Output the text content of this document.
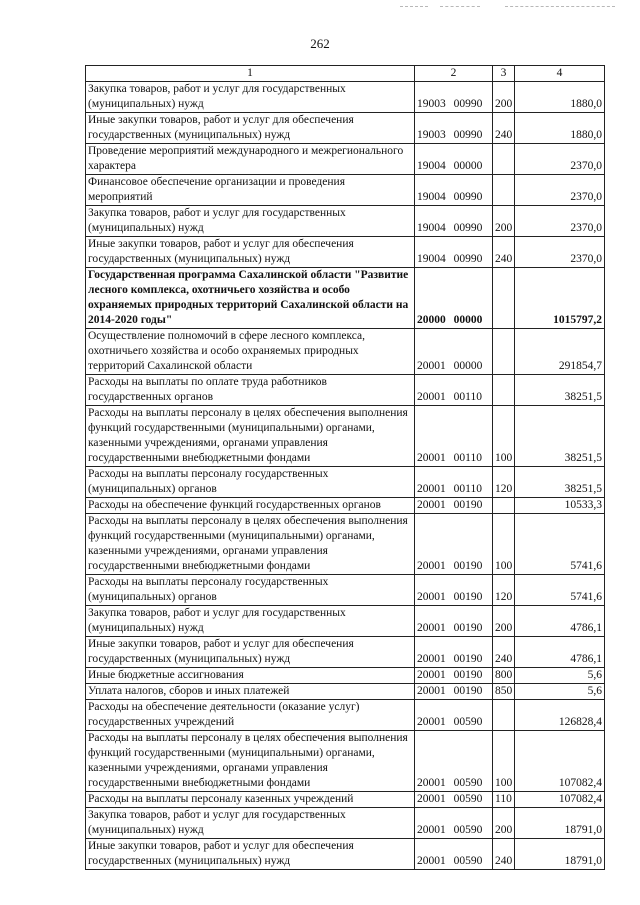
262
1	2	3	4
Закупка товаров, работ и услуг для государственных (муниципальных) нужд	19003 00990	200	1880,0
Иные закупки товаров, работ и услуг для обеспечения государственных (муниципальных) нужд	19003 00990	240	1880,0
Проведение мероприятий международного и межрегионального характера	19004 00000		2370,0
Финансовое обеспечение организации и проведения мероприятий	19004 00990		2370,0
Закупка товаров, работ и услуг для государственных (муниципальных) нужд	19004 00990	200	2370,0
Иные закупки товаров, работ и услуг для обеспечения государственных (муниципальных) нужд	19004 00990	240	2370,0
Государственная программа Сахалинской области "Развитие лесного комплекса, охотничьего хозяйства и особо охраняемых природных территорий Сахалинской области на 2014-2020 годы"	20000 00000		1015797,2
Осуществление полномочий в сфере лесного комплекса, охотничьего хозяйства и особо охраняемых природных территорий Сахалинской области	20001 00000		291854,7
Расходы на выплаты по оплате труда работников государственных органов	20001 00110		38251,5
Расходы на выплаты персоналу в целях обеспечения выполнения функций государственными (муниципальными) органами, казенными учреждениями, органами управления государственными внебюджетными фондами	20001 00110	100	38251,5
Расходы на выплаты персоналу государственных (муниципальных) органов	20001 00110	120	38251,5
Расходы на обеспечение функций государственных органов	20001 00190		10533,3
Расходы на выплаты персоналу в целях обеспечения выполнения функций государственными (муниципальными) органами, казенными учреждениями, органами управления государственными внебюджетными фондами	20001 00190	100	5741,6
Расходы на выплаты персоналу государственных (муниципальных) органов	20001 00190	120	5741,6
Закупка товаров, работ и услуг для государственных (муниципальных) нужд	20001 00190	200	4786,1
Иные закупки товаров, работ и услуг для обеспечения государственных (муниципальных) нужд	20001 00190	240	4786,1
Иные бюджетные ассигнования	20001 00190	800	5,6
Уплата налогов, сборов и иных платежей	20001 00190	850	5,6
Расходы на обеспечение деятельности (оказание услуг) государственных учреждений	20001 00590		126828,4
Расходы на выплаты персоналу в целях обеспечения выполнения функций государственными (муниципальными) органами, казенными учреждениями, органами управления государственными внебюджетными фондами	20001 00590	100	107082,4
Расходы на выплаты персоналу казенных учреждений	20001 00590	110	107082,4
Закупка товаров, работ и услуг для государственных (муниципальных) нужд	20001 00590	200	18791,0
Иные закупки товаров, работ и услуг для обеспечения государственных (муниципальных) нужд	20001 00590	240	18791,0
